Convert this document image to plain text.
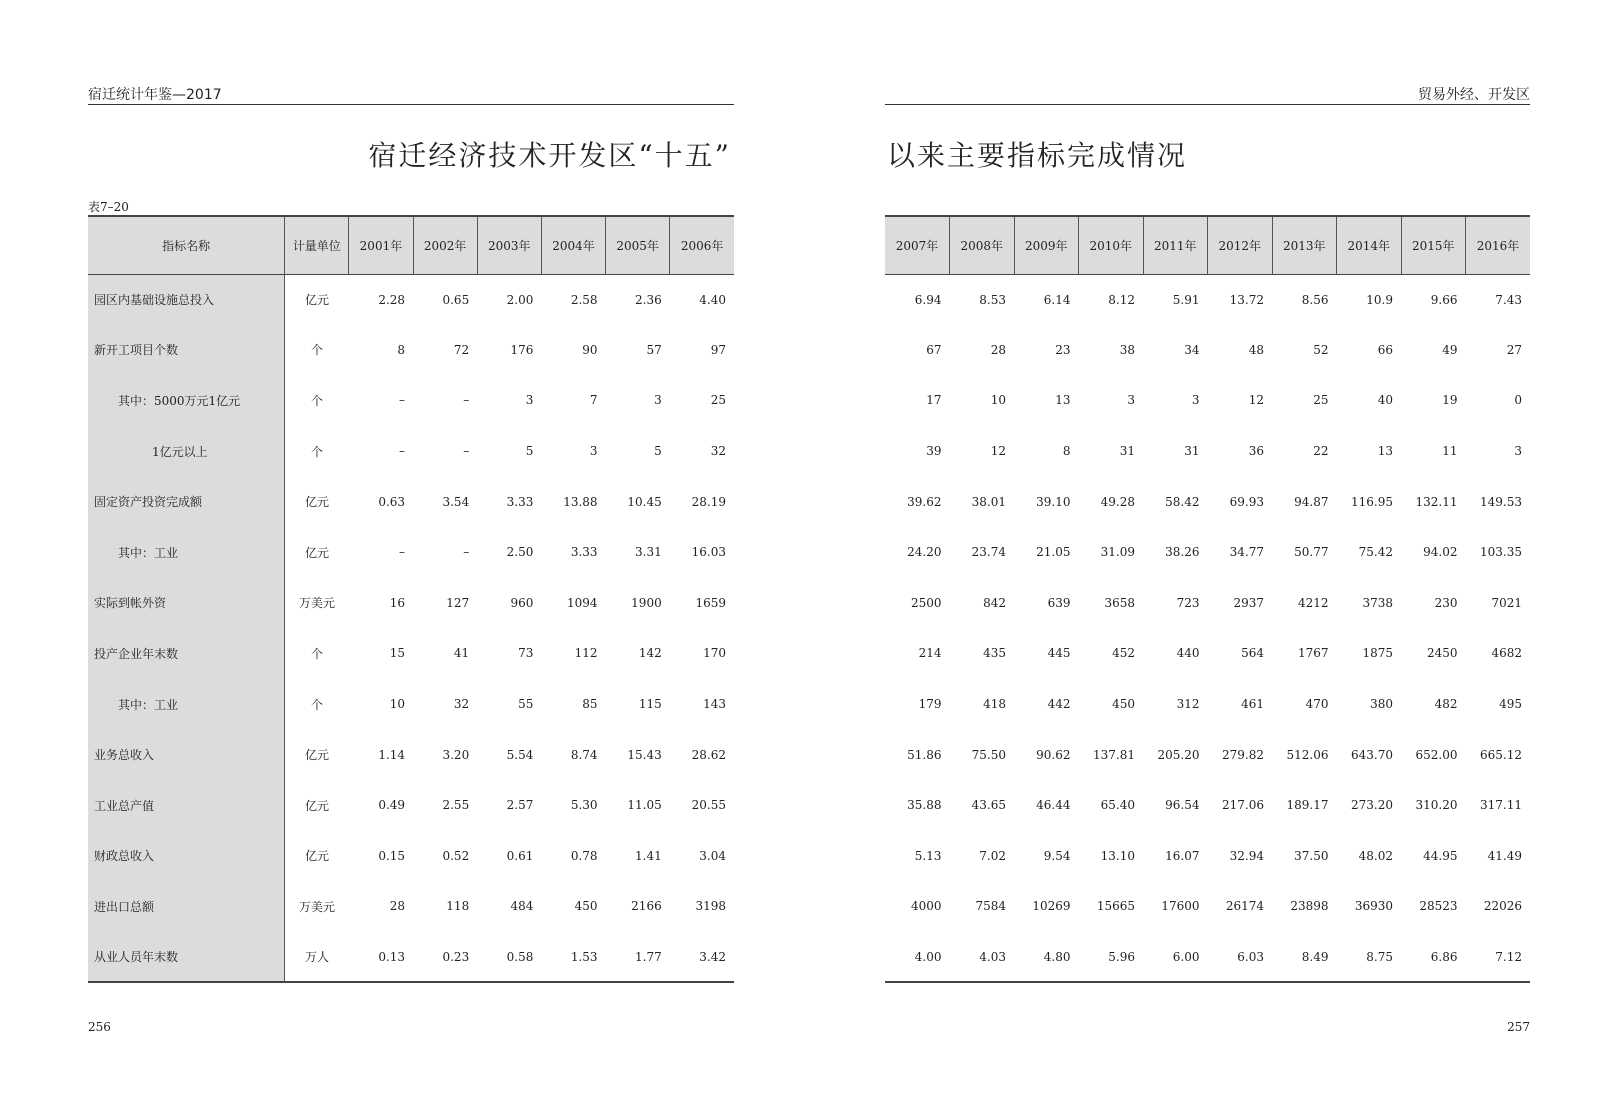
宿迁统计年鉴—2017
宿迁经济技术开发区“十五”
表7–20
指标名称	计量单位	2001年	2002年	2003年	2004年	2005年	2006年
园区内基础设施总投入	亿元	2.28	0.65	2.00	2.58	2.36	4.40
新开工项目个数	个	8	72	176	90	57	97
其中：5000万元1亿元	个	–	–	3	7	3	25
1亿元以上	个	–	–	5	3	5	32
固定资产投资完成额	亿元	0.63	3.54	3.33	13.88	10.45	28.19
其中：工业	亿元	–	–	2.50	3.33	3.31	16.03
实际到帐外资	万美元	16	127	960	1094	1900	1659
投产企业年末数	个	15	41	73	112	142	170
其中：工业	个	10	32	55	85	115	143
业务总收入	亿元	1.14	3.20	5.54	8.74	15.43	28.62
工业总产值	亿元	0.49	2.55	2.57	5.30	11.05	20.55
财政总收入	亿元	0.15	0.52	0.61	0.78	1.41	3.04
进出口总额	万美元	28	118	484	450	2166	3198
从业人员年末数	万人	0.13	0.23	0.58	1.53	1.77	3.42
256
贸易外经、开发区
以来主要指标完成情况
2007年	2008年	2009年	2010年	2011年	2012年	2013年	2014年	2015年	2016年
6.94	8.53	6.14	8.12	5.91	13.72	8.56	10.9	9.66	7.43
67	28	23	38	34	48	52	66	49	27
17	10	13	3	3	12	25	40	19	0
39	12	8	31	31	36	22	13	11	3
39.62	38.01	39.10	49.28	58.42	69.93	94.87	116.95	132.11	149.53
24.20	23.74	21.05	31.09	38.26	34.77	50.77	75.42	94.02	103.35
2500	842	639	3658	723	2937	4212	3738	230	7021
214	435	445	452	440	564	1767	1875	2450	4682
179	418	442	450	312	461	470	380	482	495
51.86	75.50	90.62	137.81	205.20	279.82	512.06	643.70	652.00	665.12
35.88	43.65	46.44	65.40	96.54	217.06	189.17	273.20	310.20	317.11
5.13	7.02	9.54	13.10	16.07	32.94	37.50	48.02	44.95	41.49
4000	7584	10269	15665	17600	26174	23898	36930	28523	22026
4.00	4.03	4.80	5.96	6.00	6.03	8.49	8.75	6.86	7.12
257
